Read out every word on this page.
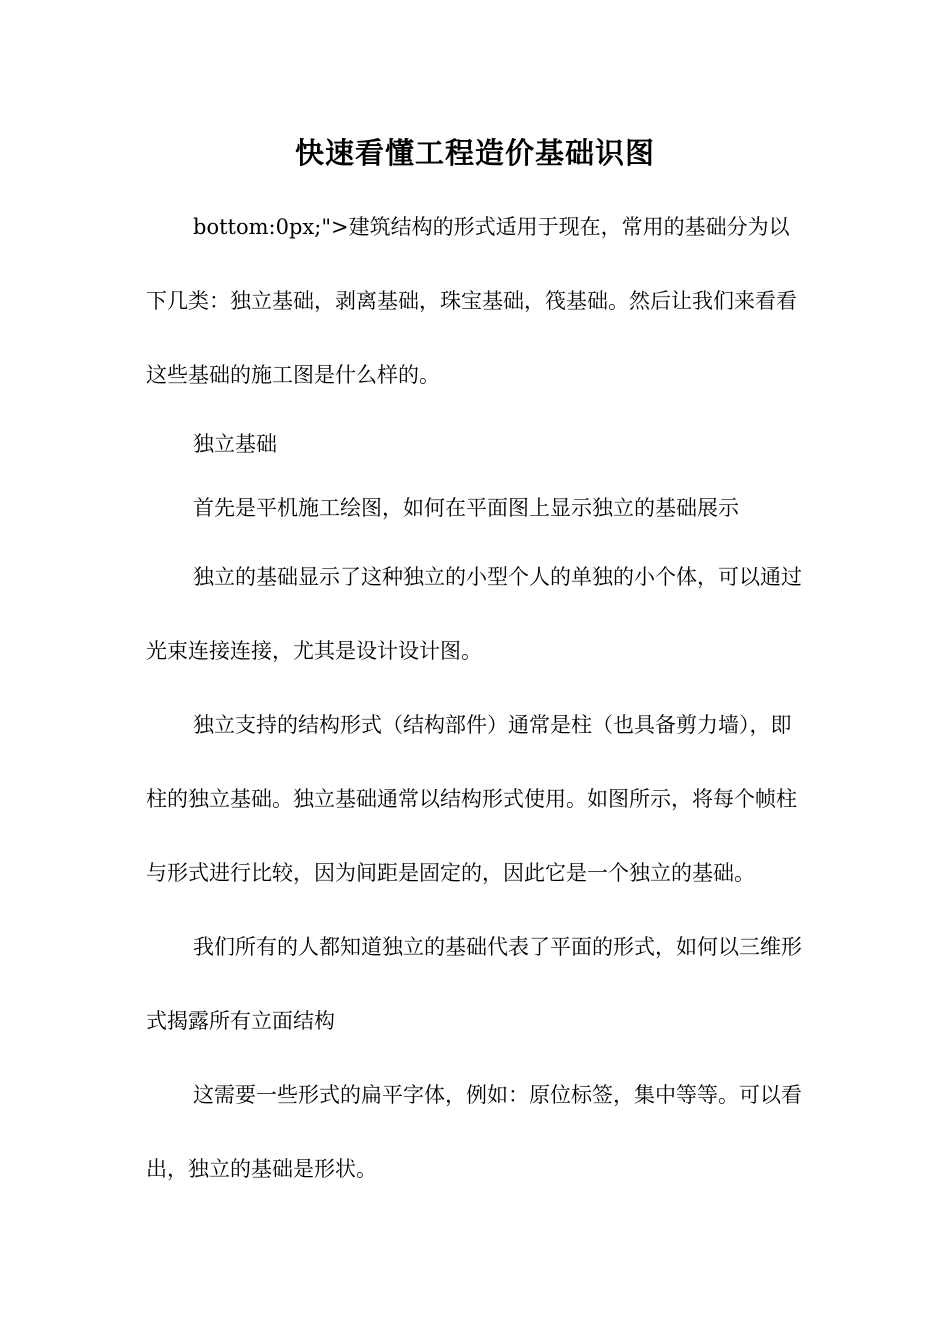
快速看懂工程造价基础识图

bottom:0px;">建筑结构的形式适用于现在，常用的基础分为以下几类：独立基础，剥离基础，珠宝基础，筏基础。然后让我们来看看这些基础的施工图是什么样的。

独立基础

首先是平机施工绘图，如何在平面图上显示独立的基础展示

独立的基础显示了这种独立的小型个人的单独的小个体，可以通过光束连接连接，尤其是设计设计图。

独立支持的结构形式（结构部件）通常是柱（也具备剪力墙），即柱的独立基础。独立基础通常以结构形式使用。如图所示，将每个帧柱与形式进行比较，因为间距是固定的，因此它是一个独立的基础。

我们所有的人都知道独立的基础代表了平面的形式，如何以三维形式揭露所有立面结构

这需要一些形式的扁平字体，例如：原位标签，集中等等。可以看出，独立的基础是形状。
